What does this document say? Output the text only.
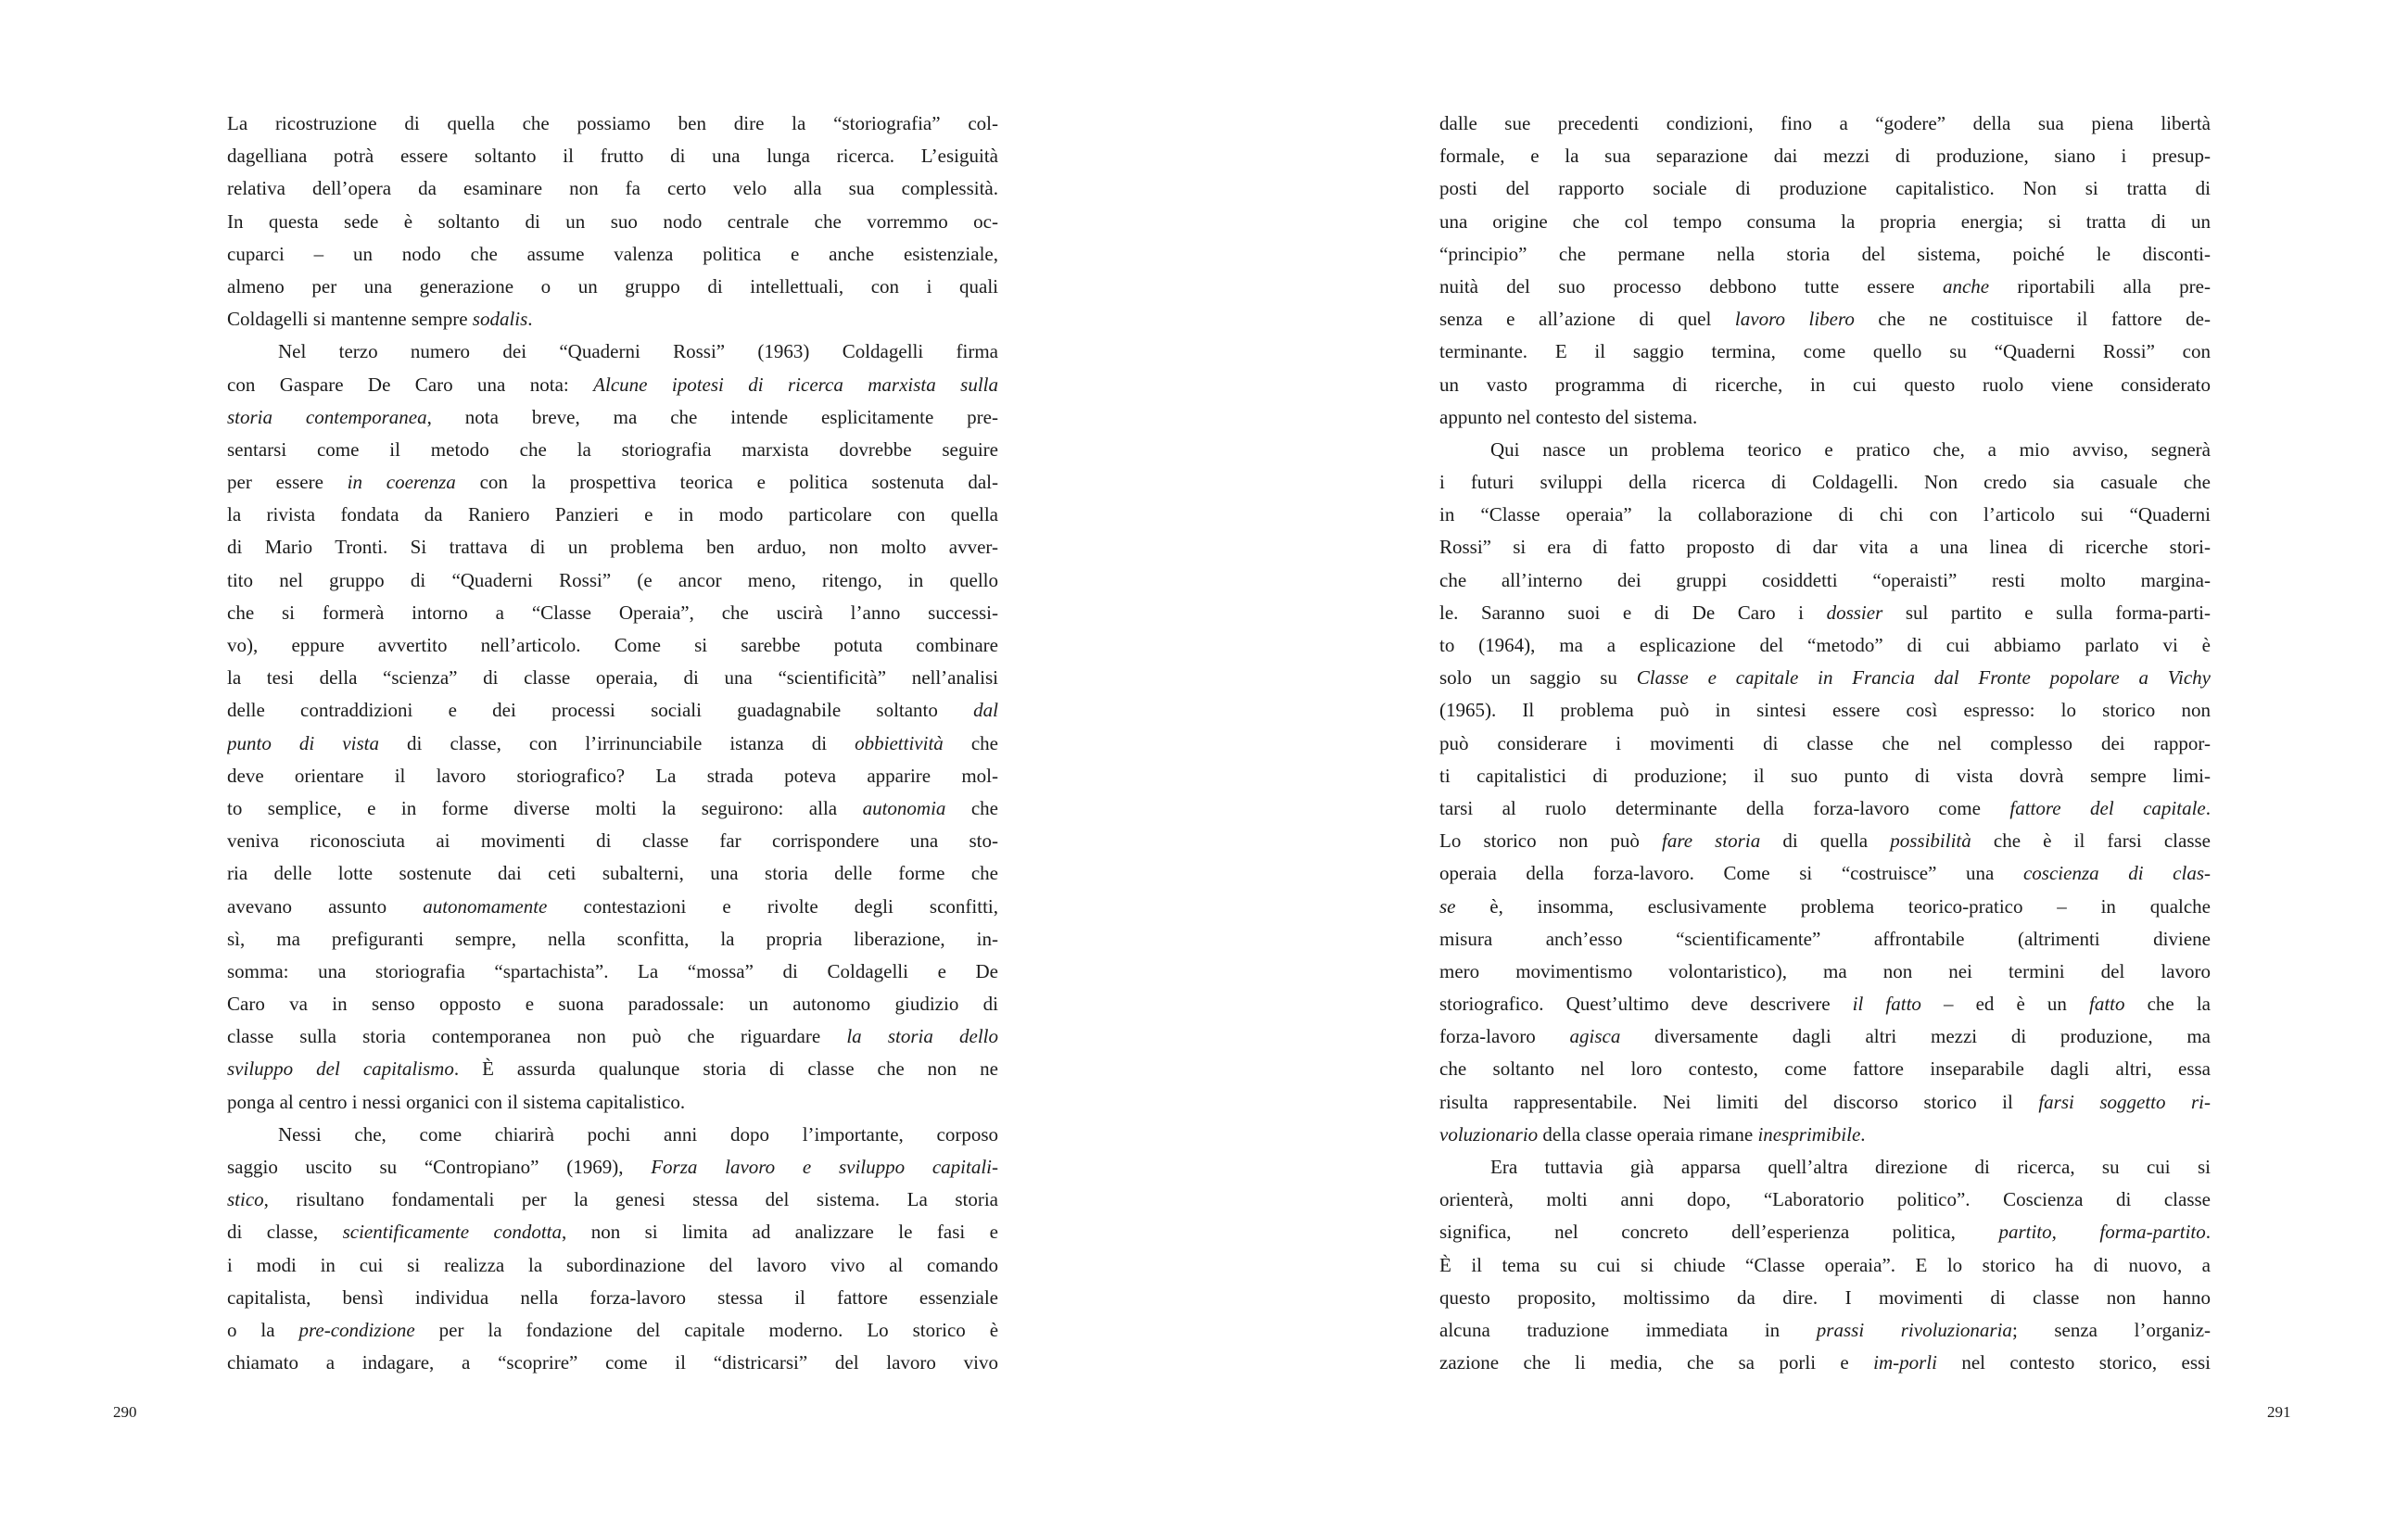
La ricostruzione di quella che possiamo ben dire la “storiografia” col-
dagelliana potrà essere soltanto il frutto di una lunga ricerca. L’esiguità
relativa dell’opera da esaminare non fa certo velo alla sua complessità.
In questa sede è soltanto di un suo nodo centrale che vorremmo oc-
cuparci – un nodo che assume valenza politica e anche esistenziale,
almeno per una generazione o un gruppo di intellettuali, con i quali
Coldagelli si mantenne sempre sodalis.
Nel terzo numero dei “Quaderni Rossi” (1963) Coldagelli firma
con Gaspare De Caro una nota: Alcune ipotesi di ricerca marxista sulla
storia contemporanea, nota breve, ma che intende esplicitamente pre-
sentarsi come il metodo che la storiografia marxista dovrebbe seguire
per essere in coerenza con la prospettiva teorica e politica sostenuta dal-
la rivista fondata da Raniero Panzieri e in modo particolare con quella
di Mario Tronti. Si trattava di un problema ben arduo, non molto avver-
tito nel gruppo di “Quaderni Rossi” (e ancor meno, ritengo, in quello
che si formerà intorno a “Classe Operaia”, che uscirà l’anno successi-
vo), eppure avvertito nell’articolo. Come si sarebbe potuta combinare
la tesi della “scienza” di classe operaia, di una “scientificità” nell’analisi
delle contraddizioni e dei processi sociali guadagnabile soltanto dal
punto di vista di classe, con l’irrinunciabile istanza di obbiettività che
deve orientare il lavoro storiografico? La strada poteva apparire mol-
to semplice, e in forme diverse molti la seguirono: alla autonomia che
veniva riconosciuta ai movimenti di classe far corrispondere una sto-
ria delle lotte sostenute dai ceti subalterni, una storia delle forme che
avevano assunto autonomamente contestazioni e rivolte degli sconfitti,
sì, ma prefiguranti sempre, nella sconfitta, la propria liberazione, in-
somma: una storiografia “spartachista”. La “mossa” di Coldagelli e De
Caro va in senso opposto e suona paradossale: un autonomo giudizio di
classe sulla storia contemporanea non può che riguardare la storia dello
sviluppo del capitalismo. È assurda qualunque storia di classe che non ne
ponga al centro i nessi organici con il sistema capitalistico.
Nessi che, come chiarirà pochi anni dopo l’importante, corposo
saggio uscito su “Contropiano” (1969), Forza lavoro e sviluppo capitali-
stico, risultano fondamentali per la genesi stessa del sistema. La storia
di classe, scientificamente condotta, non si limita ad analizzare le fasi e
i modi in cui si realizza la subordinazione del lavoro vivo al comando
capitalista, bensì individua nella forza-lavoro stessa il fattore essenziale
o la pre-condizione per la fondazione del capitale moderno. Lo storico è
chiamato a indagare, a “scoprire” come il “districarsi” del lavoro vivo
dalle sue precedenti condizioni, fino a “godere” della sua piena libertà
formale, e la sua separazione dai mezzi di produzione, siano i presup-
posti del rapporto sociale di produzione capitalistico. Non si tratta di
una origine che col tempo consuma la propria energia; si tratta di un
“principio” che permane nella storia del sistema, poiché le disconti-
nuità del suo processo debbono tutte essere anche riportabili alla pre-
senza e all’azione di quel lavoro libero che ne costituisce il fattore de-
terminante. E il saggio termina, come quello su “Quaderni Rossi” con
un vasto programma di ricerche, in cui questo ruolo viene considerato
appunto nel contesto del sistema.
Qui nasce un problema teorico e pratico che, a mio avviso, segnerà
i futuri sviluppi della ricerca di Coldagelli. Non credo sia casuale che
in “Classe operaia” la collaborazione di chi con l’articolo sui “Quaderni
Rossi” si era di fatto proposto di dar vita a una linea di ricerche stori-
che all’interno dei gruppi cosiddetti “operaisti” resti molto margina-
le. Saranno suoi e di De Caro i dossier sul partito e sulla forma-parti-
to (1964), ma a esplicazione del “metodo” di cui abbiamo parlato vi è
solo un saggio su Classe e capitale in Francia dal Fronte popolare a Vichy
(1965). Il problema può in sintesi essere così espresso: lo storico non
può considerare i movimenti di classe che nel complesso dei rappor-
ti capitalistici di produzione; il suo punto di vista dovrà sempre limi-
tarsi al ruolo determinante della forza-lavoro come fattore del capitale.
Lo storico non può fare storia di quella possibilità che è il farsi classe
operaia della forza-lavoro. Come si “costruisce” una coscienza di clas-
se è, insomma, esclusivamente problema teorico-pratico – in qualche
misura anch’esso “scientificamente” affrontabile (altrimenti diviene
mero movimentismo volontaristico), ma non nei termini del lavoro
storiografico. Quest’ultimo deve descrivere il fatto – ed è un fatto che la
forza-lavoro agisca diversamente dagli altri mezzi di produzione, ma
che soltanto nel loro contesto, come fattore inseparabile dagli altri, essa
risulta rappresentabile. Nei limiti del discorso storico il farsi soggetto ri-
voluzionario della classe operaia rimane inesprimibile.
Era tuttavia già apparsa quell’altra direzione di ricerca, su cui si
orienterà, molti anni dopo, “Laboratorio politico”. Coscienza di classe
significa, nel concreto dell’esperienza politica, partito, forma-partito.
È il tema su cui si chiude “Classe operaia”. E lo storico ha di nuovo, a
questo proposito, moltissimo da dire. I movimenti di classe non hanno
alcuna traduzione immediata in prassi rivoluzionaria; senza l’organiz-
zazione che li media, che sa porli e im-porli nel contesto storico, essi
290	291
